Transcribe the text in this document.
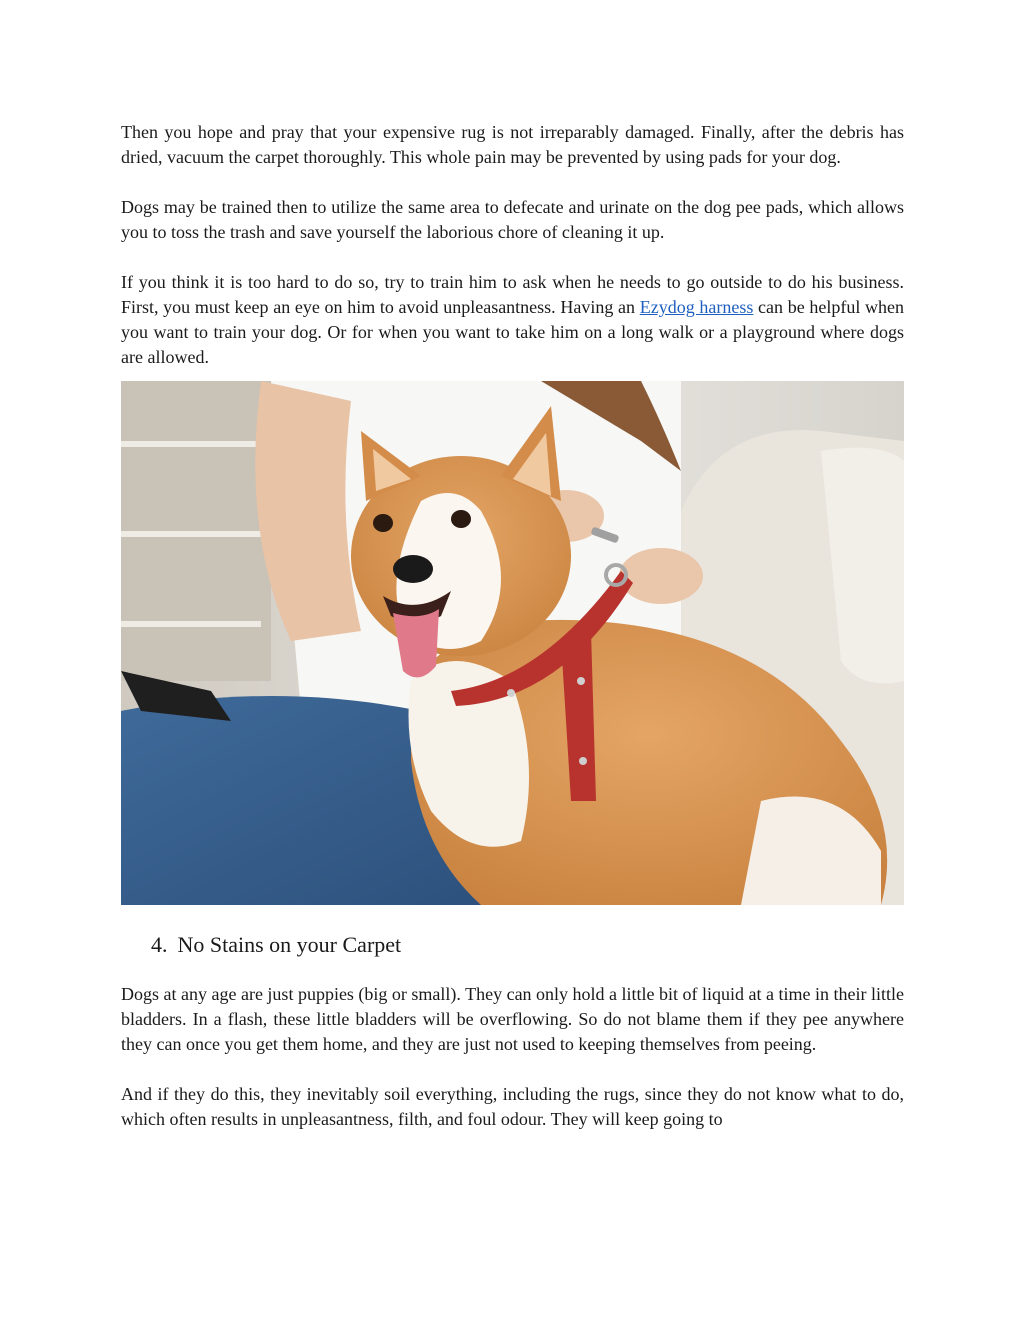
Then you hope and pray that your expensive rug is not irreparably damaged. Finally, after the debris has dried, vacuum the carpet thoroughly. This whole pain may be prevented by using pads for your dog.

Dogs may be trained then to utilize the same area to defecate and urinate on the dog pee pads, which allows you to toss the trash and save yourself the laborious chore of cleaning it up.

If you think it is too hard to do so, try to train him to ask when he needs to go outside to do his business. First, you must keep an eye on him to avoid unpleasantness. Having an Ezydog harness can be helpful when you want to train your dog. Or for when you want to take him on a long walk or a playground where dogs are allowed.

4. No Stains on your Carpet

Dogs at any age are just puppies (big or small). They can only hold a little bit of liquid at a time in their little bladders. In a flash, these little bladders will be overflowing. So do not blame them if they pee anywhere they can once you get them home, and they are just not used to keeping themselves from peeing.

And if they do this, they inevitably soil everything, including the rugs, since they do not know what to do, which often results in unpleasantness, filth, and foul odour. They will keep going to
